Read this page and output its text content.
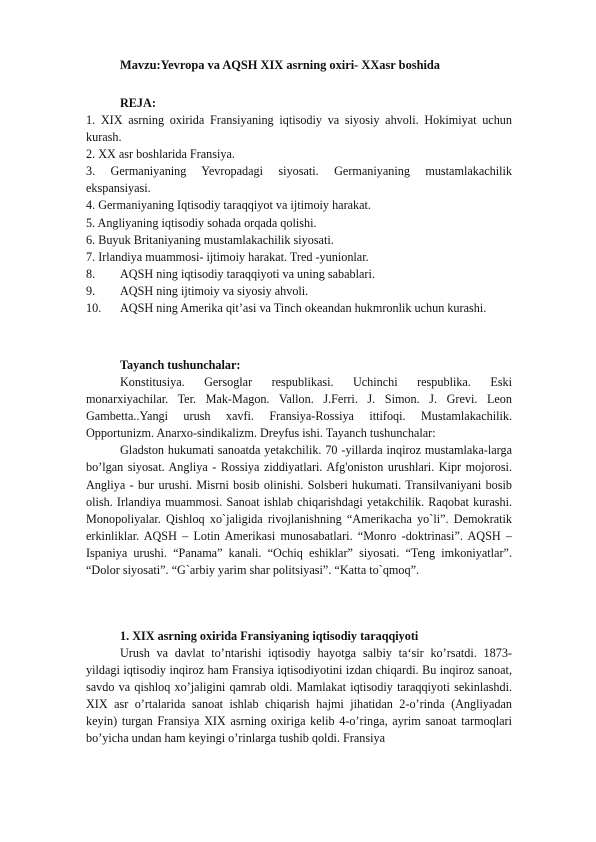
Mavzu:Yevropa va AQSH XIX asrning oxiri- XXasr boshida
REJA:

1. XIX asrning oxirida Fransiyaning iqtisodiy va siyosiy ahvoli. Hokimiyat uchun kurash.

2. XX asr boshlarida Fransiya.

3. Germaniyaning Yevropadagi siyosati. Germaniyaning mustamlakachilik ekspansiyasi.

4. Germaniyaning Iqtisodiy taraqqiyot va ijtimoiy harakat.

5. Angliyaning iqtisodiy sohada orqada qolishi.

6. Buyuk Britaniyaning mustamlakachilik siyosati.

7. Irlandiya muammosi- ijtimoiy harakat. Tred -yunionlar.

8.	AQSH ning iqtisodiy taraqqiyoti va uning sabablari.
9.	AQSH ning ijtimoiy va siyosiy ahvoli.
10.	AQSH ning Amerika qit’asi va Tinch okeandan hukmronlik uchun kurashi.
Tayanch tushunchalar:

Konstitusiya. Gersoglar respublikasi. Uchinchi respublika. Eski monarxiyachilar. Ter. Mak-Magon. Vallon. J.Ferri. J. Simon. J. Grevi. Leon Gambetta..Yangi urush xavfi. Fransiya-Rossiya ittifoqi. Mustamlakachilik. Opportunizm. Anarxo-sindikalizm. Dreyfus ishi. Tayanch tushunchalar:

Gladston hukumati sanoatda yetakchilik. 70 -yillarda inqiroz mustamlaka-larga bo’lgan siyosat. Angliya - Rossiya ziddiyatlari. Afg'oniston urushlari. Kipr mojorosi. Angliya - bur urushi. Misrni bosib olinishi. Solsberi hukumati. Transilvaniyani bosib olish. Irlandiya muammosi. Sanoat ishlab chiqarishdagi yetakchilik. Raqobat kurashi. Monopoliyalar. Qishloq xo`jaligida rivojlanishning “Amerikacha yo`li”. Demokratik erkinliklar. AQSH – Lotin Amerikasi munosabatlari. “Monro -doktrinasi”. AQSH –Ispaniya urushi. “Panama” kanali. “Ochiq eshiklar” siyosati. “Teng imkoniyatlar”. “Dolor siyosati”. “G`arbiy yarim shar politsiyasi”. “Katta to`qmoq”.

1. XIX asrning oxirida Fransiyaning iqtisodiy taraqqiyoti

Urush va davlat to’ntarishi iqtisodiy hayotga salbiy ta‘sir ko’rsatdi. 1873-yildagi iqtisodiy inqiroz ham Fransiya iqtisodiyotini izdan chiqardi. Bu inqiroz sanoat, savdo va qishloq xo’jaligini qamrab oldi. Mamlakat iqtisodiy taraqqiyoti sekinlashdi. XIX asr o’rtalarida sanoat ishlab chiqarish hajmi jihatidan 2-o’rinda (Angliyadan keyin) turgan Fransiya XIX asrning oxiriga kelib 4-o’ringa, ayrim sanoat tarmoqlari bo’yicha undan ham keyingi o’rinlarga tushib qoldi. Fransiya
